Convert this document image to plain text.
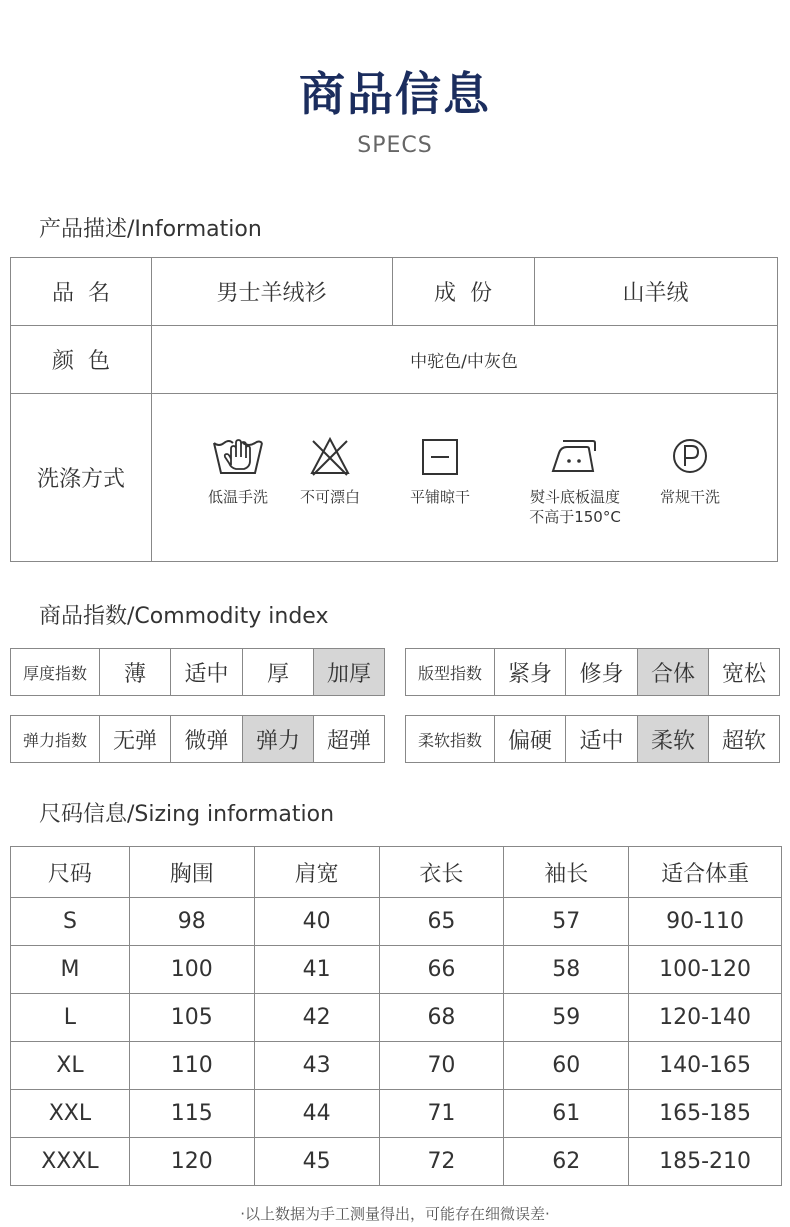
商品信息
SPECS
产品描述/Information
品  名	男士羊绒衫	成  份	山羊绒
颜  色	中驼色/中灰色
洗涤方式
低温手洗	不可漂白	平铺晾干	熨斗底板温度
不高于150°C
常规干洗
商品指数/Commodity index
厚度指数	薄	适中	厚	加厚	版型指数	紧身	修身	合体	宽松
弹力指数	无弹	微弹	弹力	超弹	柔软指数	偏硬	适中	柔软	超软
尺码信息/Sizing information
尺码	胸围	肩宽	衣长	袖长	适合体重
S	98	40	65	57	90-110
M	100	41	66	58	100-120
L	105	42	68	59	120-140
XL	110	43	70	60	140-165
XXL	115	44	71	61	165-185
XXXL	120	45	72	62	185-210
·以上数据为手工测量得出，可能存在细微误差·
